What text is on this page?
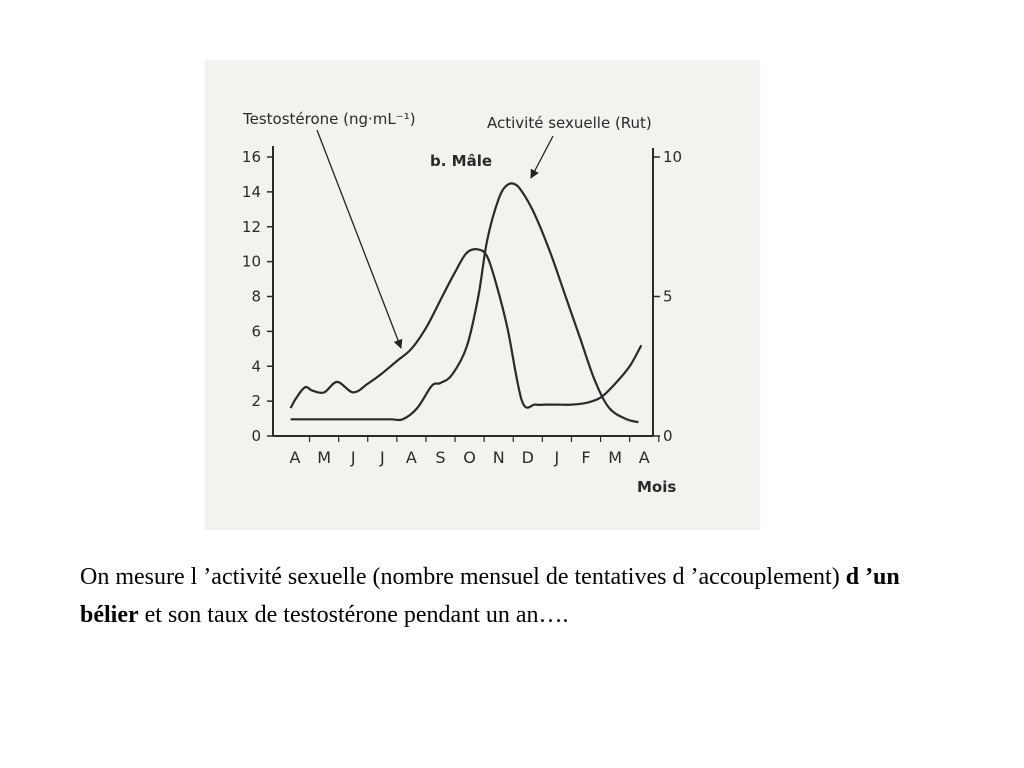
Testostérone (ng·mL⁻¹)	Activité sexuelle (Rut)
b. Mâle
Mois
0
2
4
6
8
10
12
14
16
0
5
10
A M J J A S O N D J F M A

On mesure l ’activité sexuelle (nombre mensuel de tentatives d ’accouplement) d ’un bélier et son taux de testostérone pendant un an….
